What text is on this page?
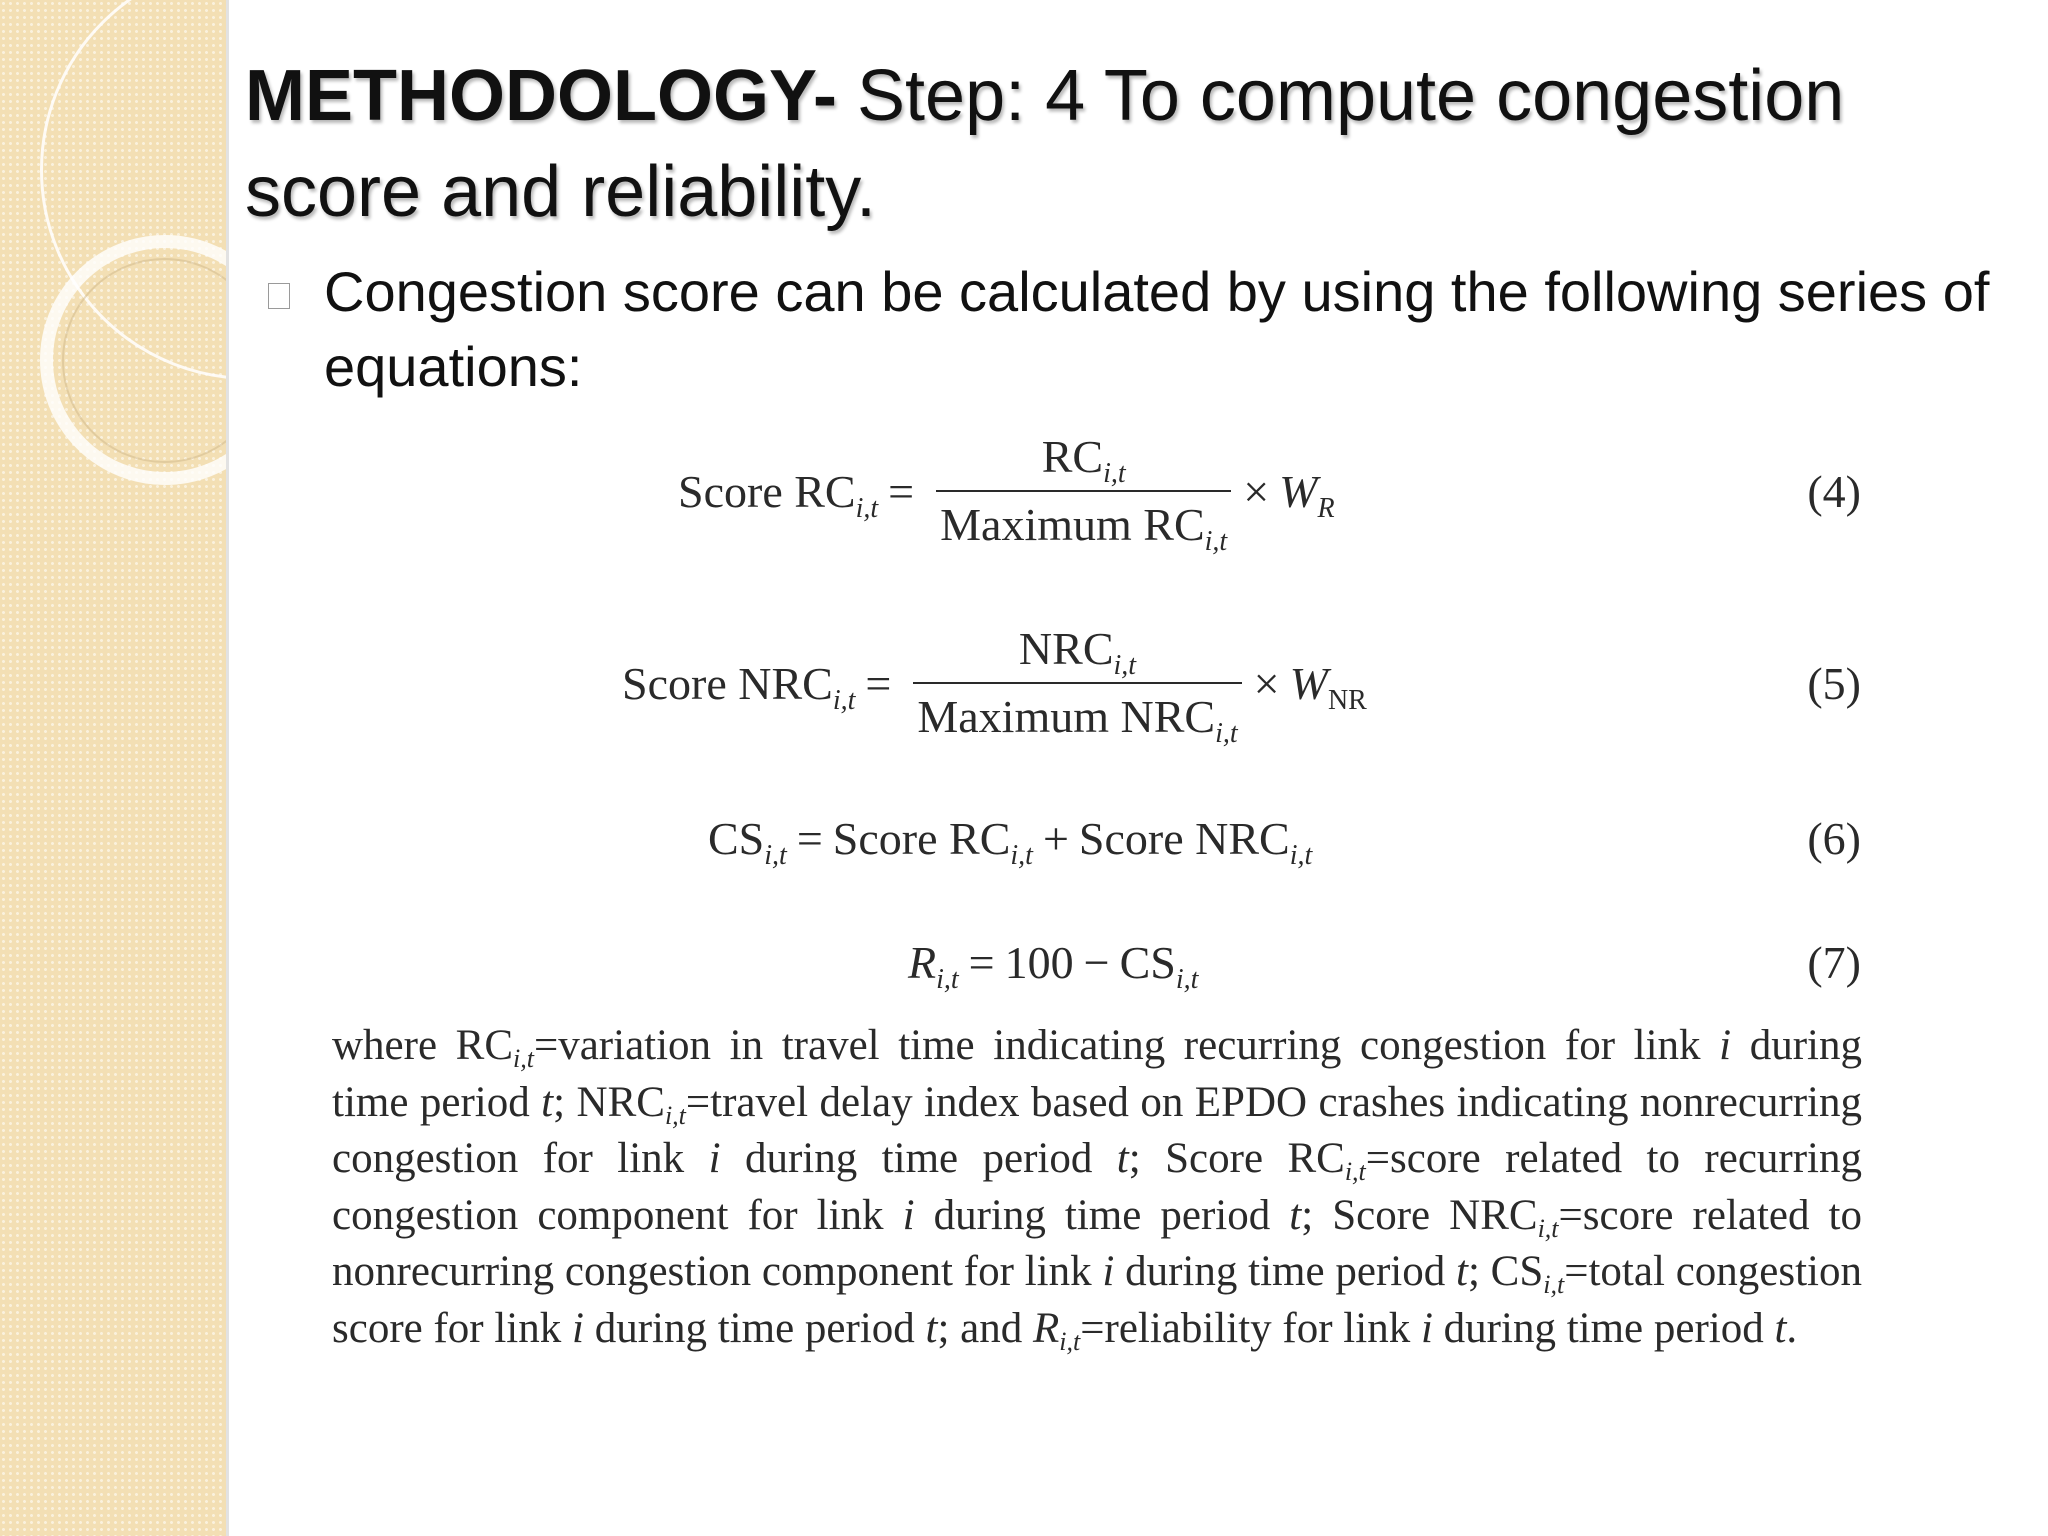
METHODOLOGY- Step: 4 To compute congestion score and reliability.
Congestion score can be calculated by using the following series of equations:
Score $RC_{i,t} = \frac{RC_{i,t}}{Maximum RC_{i,t}} \times W_R$	(4)
Score $NRC_{i,t} = \frac{NRC_{i,t}}{Maximum NRC_{i,t}} \times W_{NR}$	(5)
$CS_{i,t}$ = Score $RC_{i,t}$ + Score $NRC_{i,t}$	(6)
$R_{i,t} = 100 - CS_{i,t}$	(7)
where $RC_{i,t}=variation$ in travel time indicating recurring congestion for link i during time period t; $NRC_{i,t}=travel$ delay index based on EPDO crashes indicating nonrecurring congestion for link i during time period t; Score $RC_{i,t}=score$ related to recurring congestion component for link i during time period t; Score $NRC_{i,t}=score$ related to nonrecurring congestion component for link i during time period t; $CS_{i,t}=total$ congestion score for link i during time period t; and $R_{i,t}=reliability$ for link i during time period t.
